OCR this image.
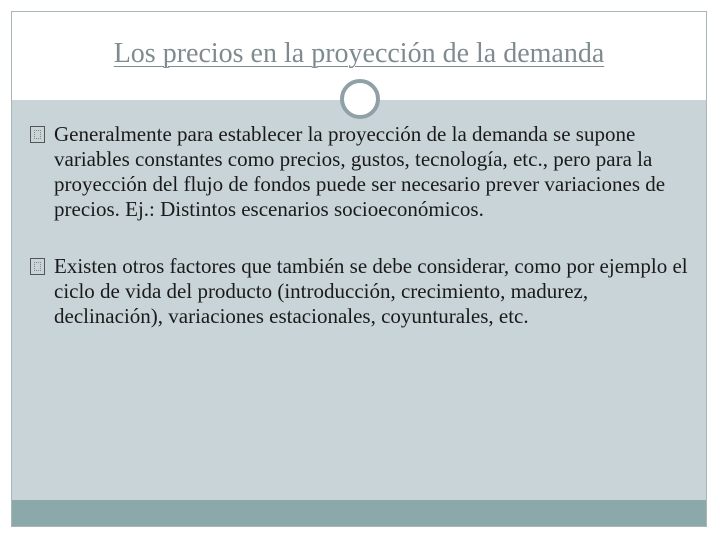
Los precios en la proyección de la demanda
Generalmente para establecer la proyección de la demanda se supone variables constantes como precios, gustos, tecnología, etc., pero para la proyección del flujo de fondos puede ser necesario prever variaciones de precios. Ej.: Distintos escenarios socioeconómicos.
Existen otros factores que también se debe considerar, como por ejemplo el ciclo de vida del producto (introducción, crecimiento, madurez, declinación), variaciones estacionales, coyunturales, etc.
